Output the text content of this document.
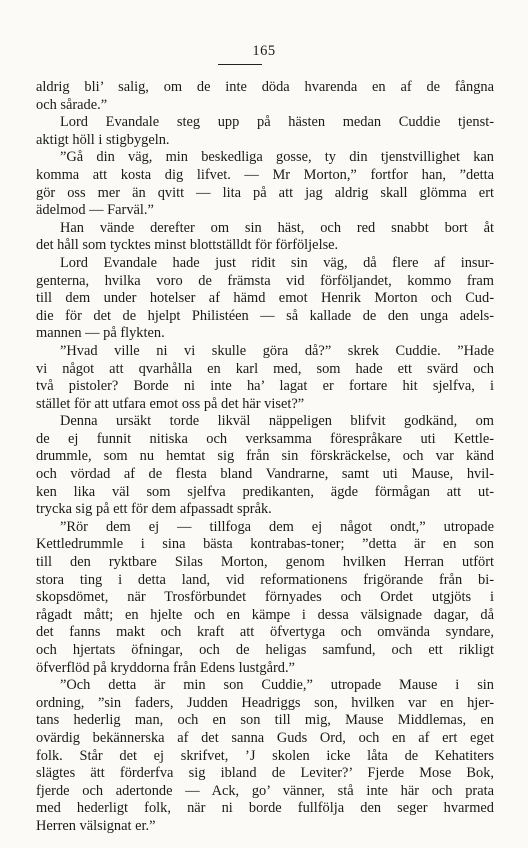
165
aldrig bli’ salig, om de inte döda hvarenda en af de fångna
och sårade.”
Lord Evandale steg upp på hästen medan Cuddie tjenst-
aktigt höll i stigbygeln.
”Gå din väg, min beskedliga gosse, ty din tjenstvillighet kan
komma att kosta dig lifvet. — Mr Morton,” fortfor han, ”detta
gör oss mer än qvitt — lita på att jag aldrig skall glömma ert
ädelmod — Farväl.”
Han vände derefter om sin häst, och red snabbt bort åt
det håll som tycktes minst blottställdt för förföljelse.
Lord Evandale hade just ridit sin väg, då flere af insur-
genterna, hvilka voro de främsta vid förföljandet, kommo fram
till dem under hotelser af hämd emot Henrik Morton och Cud-
die för det de hjelpt Philistéen — så kallade de den unga adels-
mannen — på flykten.
”Hvad ville ni vi skulle göra då?” skrek Cuddie. ”Hade
vi något att qvarhålla en karl med, som hade ett svärd och
två pistoler? Borde ni inte ha’ lagat er fortare hit sjelfva, i
stället för att utfara emot oss på det här viset?”
Denna ursäkt torde likväl näppeligen blifvit godkänd, om
de ej funnit nitiska och verksamma förespråkare uti Kettle-
drummle, som nu hemtat sig från sin förskräckelse, och var känd
och vördad af de flesta bland Vandrarne, samt uti Mause, hvil-
ken lika väl som sjelfva predikanten, ägde förmågan att ut-
trycka sig på ett för dem afpassadt språk.
”Rör dem ej — tillfoga dem ej något ondt,” utropade
Kettledrummle i sina bästa kontrabas-toner; ”detta är en son
till den ryktbare Silas Morton, genom hvilken Herran utfört
stora ting i detta land, vid reformationens frigörande från bi-
skopsdömet, när Trosförbundet förnyades och Ordet utgjöts i
rågadt mått; en hjelte och en kämpe i dessa välsignade dagar, då
det fanns makt och kraft att öfvertyga och omvända syndare,
och hjertats öfningar, och de heligas samfund, och ett rikligt
öfverflöd på kryddorna från Edens lustgård.”
”Och detta är min son Cuddie,” utropade Mause i sin
ordning, ”sin faders, Judden Headriggs son, hvilken var en hjer-
tans hederlig man, och en son till mig, Mause Middlemas, en
ovärdig bekännerska af det sanna Guds Ord, och en af ert eget
folk. Står det ej skrifvet, ’J skolen icke låta de Kehatiters
slägtes ätt förderfva sig ibland de Leviter?’ Fjerde Mose Bok,
fjerde och adertonde — Ack, go’ vänner, stå inte här och prata
med hederligt folk, när ni borde fullfölja den seger hvarmed
Herren välsignat er.”
